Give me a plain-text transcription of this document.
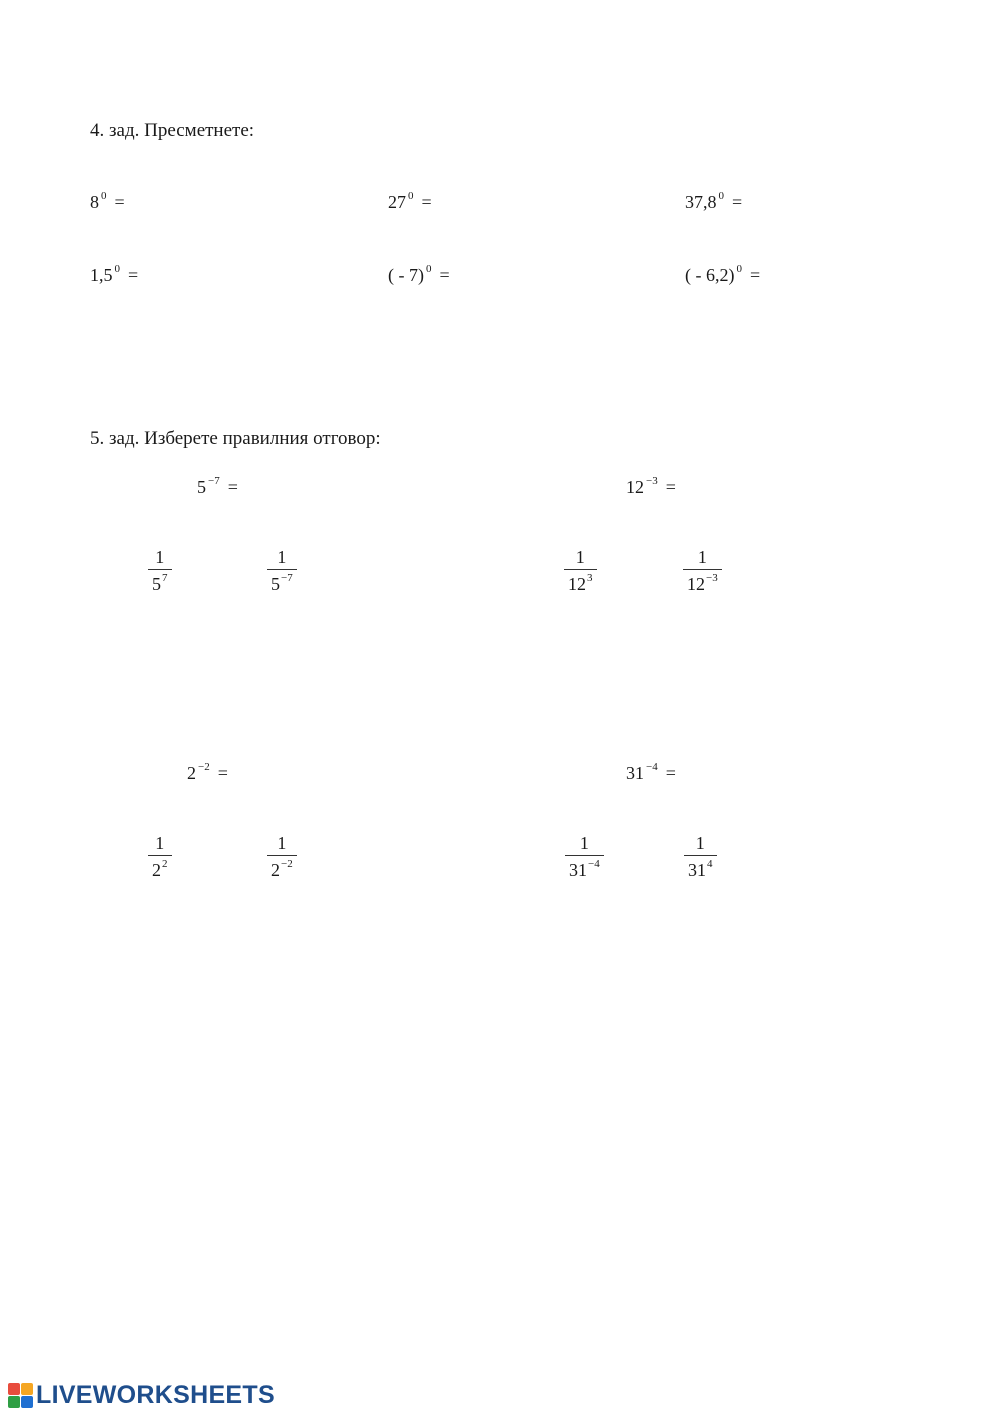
4. зад. Пресметнете:
8 $^0$ =	27 $^0$ =	37,8 $^0$ =
1,5 $^0$ =	( - 7) $^0$ =	( - 6,2) $^0$ =
5. зад. Изберете правилния отговор:
5 $^{-7}$ =
1
$5^7$
1
$5^{-7}$
12 $^{-3}$ =
1
$12^3$
1
$12^{-3}$
2 $^{-2}$ =
1
$2^2$
1
$2^{-2}$
31 $^{-4}$ =
1
$31^{-4}$
1
$31^4$
LIVEWORKSHEETS
